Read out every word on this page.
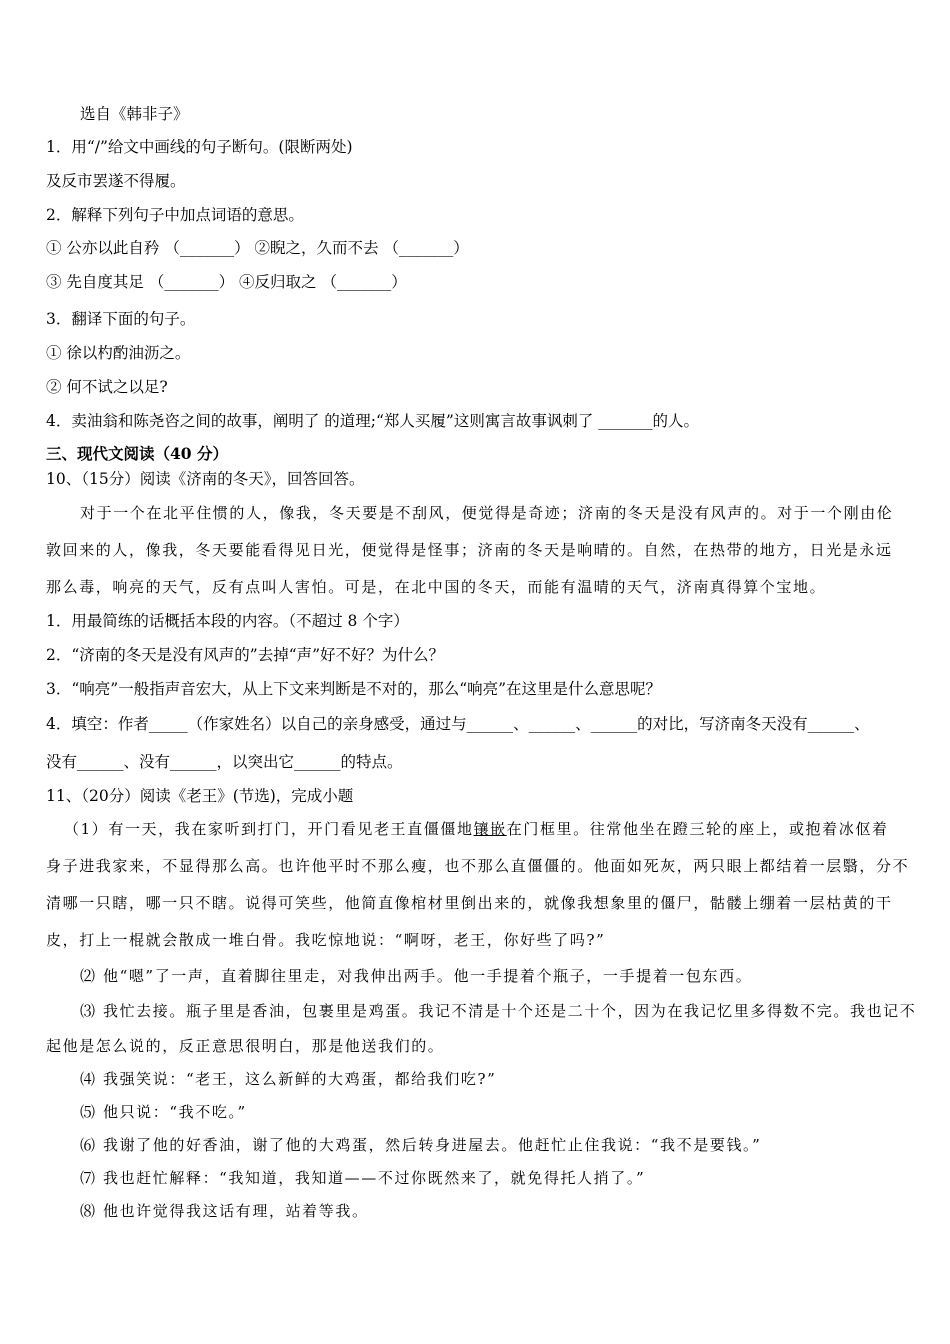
选自《韩非子》
1．用“/”给文中画线的句子断句。(限断两处)
及反市罢遂不得履。
2．解释下列句子中加点词语的意思。
① 公亦以此自矜 （_______） ②睨之，久而不去 （_______）
③ 先自度其足 （_______） ④反归取之 （_______）
3．翻译下面的句子。
① 徐以杓酌油沥之。
② 何不试之以足?
4．卖油翁和陈尧咨之间的故事，阐明了 的道理;“郑人买履”这则寓言故事讽刺了 _______的人。
三、现代文阅读（40 分）
10、（15分）阅读《济南的冬天》，回答回答。
对于一个在北平住惯的人，像我，冬天要是不刮风，便觉得是奇迹；济南的冬天是没有风声的。对于一个刚由伦
敦回来的人，像我，冬天要能看得见日光，便觉得是怪事；济南的冬天是响晴的。自然，在热带的地方，日光是永远
那么毒，响亮的天气，反有点叫人害怕。可是，在北中国的冬天，而能有温晴的天气，济南真得算个宝地。
1．用最简练的话概括本段的内容。（不超过 8 个字）
2．“济南的冬天是没有风声的”去掉“声”好不好？为什么？
3．“响亮”一般指声音宏大，从上下文来判断是不对的，那么“响亮”在这里是什么意思呢？
4．填空：作者_____（作家姓名）以自己的亲身感受，通过与______、______、______的对比，写济南冬天没有______、
没有______、没有______，以突出它______的特点。
11、（20分）阅读《老王》(节选)，完成小题
（1）有一天，我在家听到打门，开门看见老王直僵僵地镶嵌在门框里。往常他坐在蹬三轮的座上，或抱着冰伛着
身子进我家来，不显得那么高。也许他平时不那么瘦，也不那么直僵僵的。他面如死灰，两只眼上都结着一层翳，分不
清哪一只瞎，哪一只不瞎。说得可笑些，他简直像棺材里倒出来的，就像我想象里的僵尸，骷髅上绷着一层枯黄的干
皮，打上一棍就会散成一堆白骨。我吃惊地说：“啊呀，老王，你好些了吗?”
⑵ 他“嗯”了一声，直着脚往里走，对我伸出两手。他一手提着个瓶子，一手提着一包东西。
⑶ 我忙去接。瓶子里是香油，包裹里是鸡蛋。我记不清是十个还是二十个，因为在我记忆里多得数不完。我也记不
起他是怎么说的，反正意思很明白，那是他送我们的。
⑷ 我强笑说：“老王，这么新鲜的大鸡蛋，都给我们吃?”
⑸ 他只说：“我不吃。”
⑹ 我谢了他的好香油，谢了他的大鸡蛋，然后转身进屋去。他赶忙止住我说：“我不是要钱。”
⑺ 我也赶忙解释：“我知道，我知道——不过你既然来了，就免得托人捎了。”
⑻ 他也许觉得我这话有理，站着等我。
